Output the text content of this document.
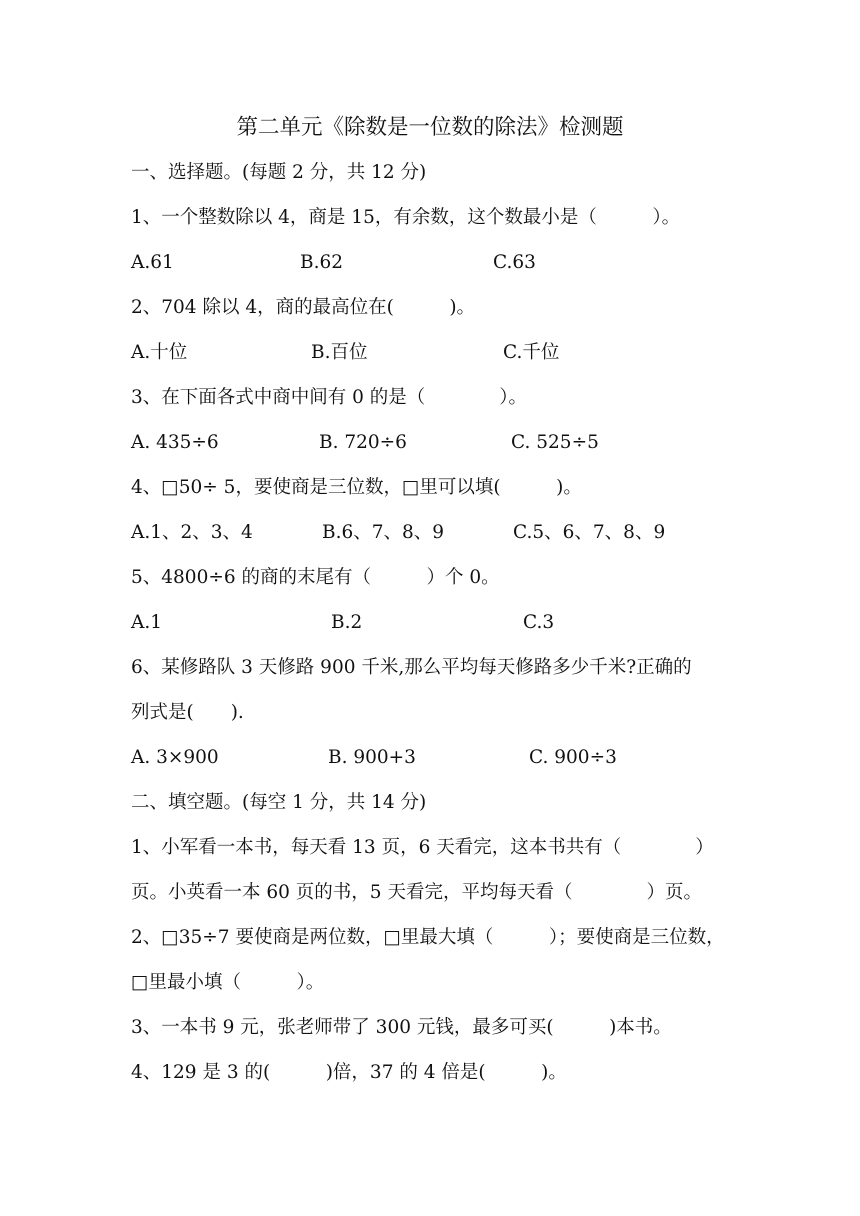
第二单元《除数是一位数的除法》检测题
一、选择题。(每题 2 分，共 12 分)
1、一个整数除以 4，商是 15，有余数，这个数最小是（　　　）。
A.61	B.62	C.63
2、704 除以 4，商的最高位在(　　　)。
A.十位	B.百位	C.千位
3、在下面各式中商中间有 0 的是（　　　　）。
A. 435÷6	B. 720÷6	C. 525÷5
4、□50÷ 5，要使商是三位数，□里可以填(　　　)。
A.1、2、3、4	B.6、7、8、9	C.5、6、7、8、9
5、4800÷6 的商的末尾有（　　　）个 0。
A.1	B.2	C.3
6、某修路队 3 天修路 900 千米,那么平均每天修路多少千米?正确的
列式是(　　).
A. 3×900	B. 900+3	C. 900÷3
二、填空题。(每空 1 分，共 14 分)
1、小军看一本书，每天看 13 页，6 天看完，这本书共有（　　　　）
页。小英看一本 60 页的书，5 天看完，平均每天看（　　　　）页。
2、□35÷7 要使商是两位数，□里最大填（　　　）；要使商是三位数，
□里最小填（　　　）。
3、一本书 9 元，张老师带了 300 元钱，最多可买(　　　)本书。
4、129 是 3 的(　　　)倍，37 的 4 倍是(　　　)。
